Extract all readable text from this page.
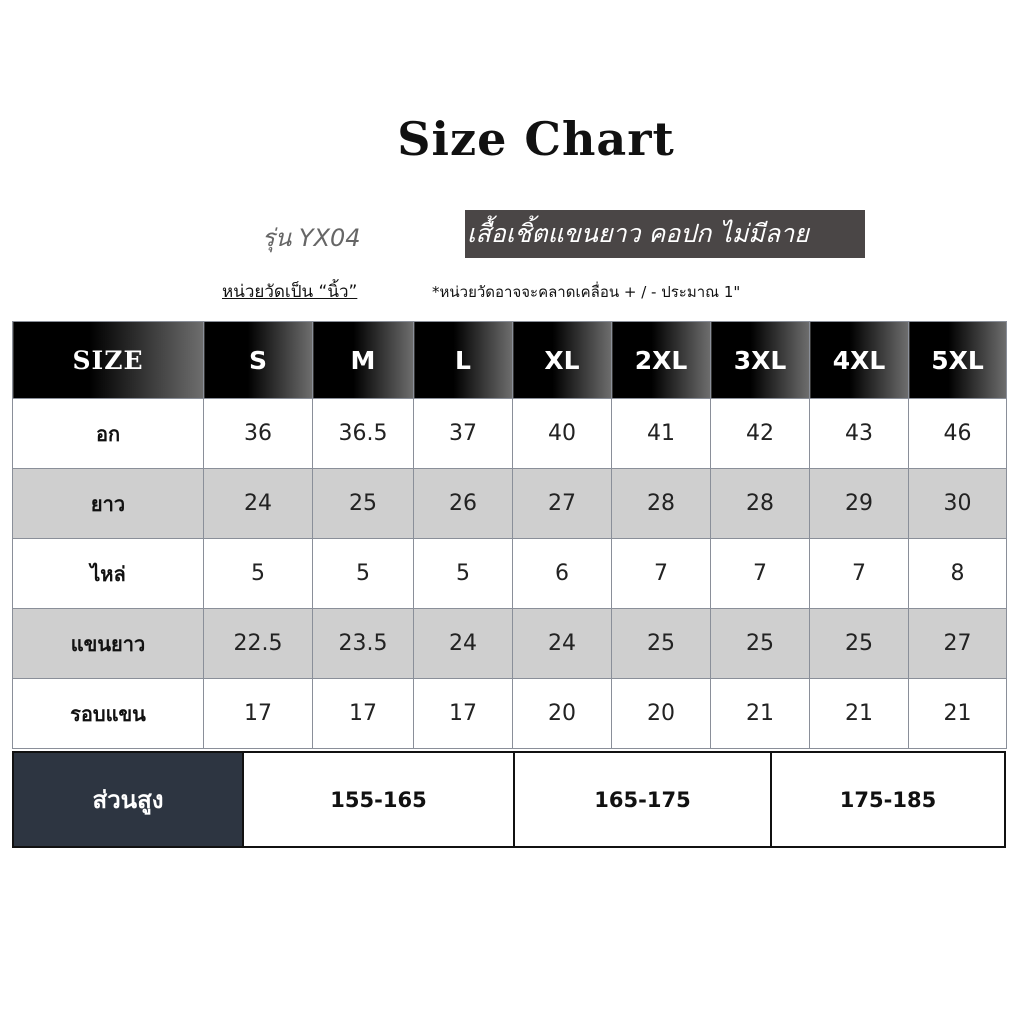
Size Chart
รุ่น YX04	เสื้อเชิ้ตแขนยาว คอปก ไม่มีลาย
หน่วยวัดเป็น “นิ้ว”	*หน่วยวัดอาจจะคลาดเคลื่อน + / - ประมาณ 1"
SIZE	S	M	L	XL	2XL	3XL	4XL	5XL
อก	36	36.5	37	40	41	42	43	46
ยาว	24	25	26	27	28	28	29	30
ไหล่	5	5	5	6	7	7	7	8
แขนยาว	22.5	23.5	24	24	25	25	25	27
รอบแขน	17	17	17	20	20	21	21	21
ส่วนสูง	155-165	165-175	175-185
